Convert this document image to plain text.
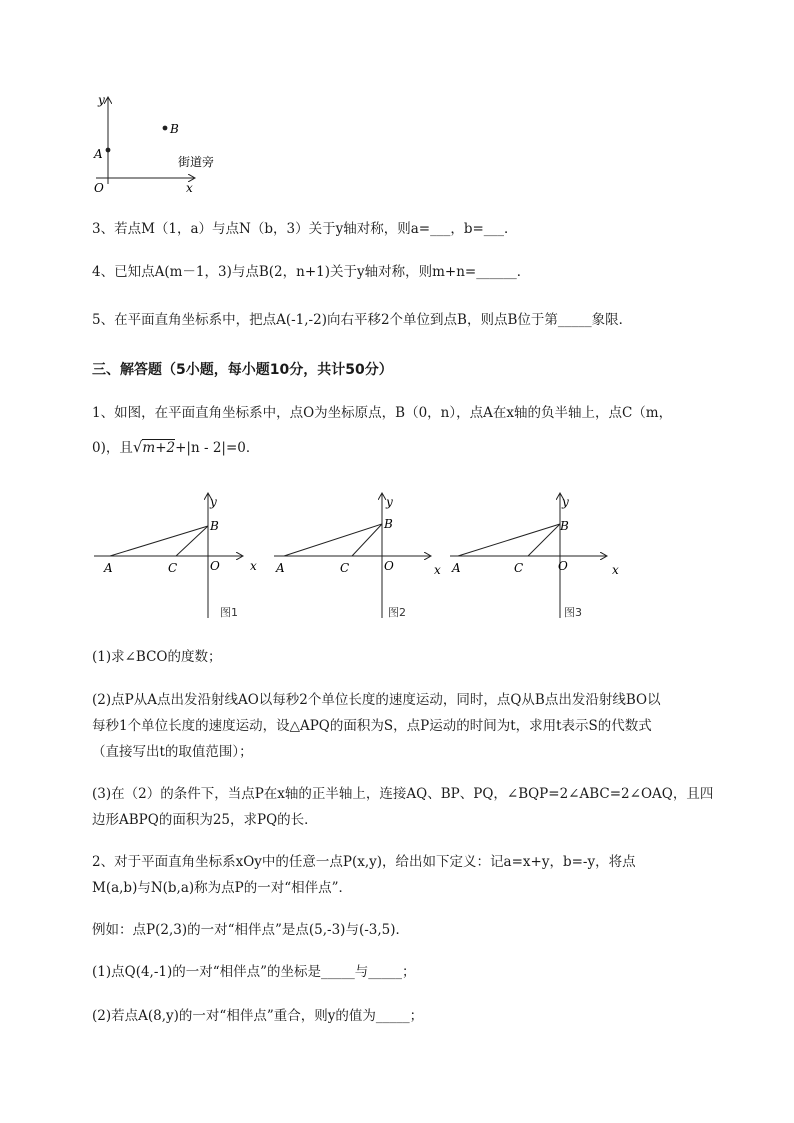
y
x
O
A
B
街道旁
3、若点M（1，a）与点N（b，3）关于y轴对称，则a=___，b=___．
4、已知点A(m－1，3)与点B(2，n+1)关于y轴对称，则m+n=______．
5、在平面直角坐标系中，把点A(-1,-2)向右平移2个单位到点B，则点B位于第_____象限．
三、解答题（5小题，每小题10分，共计50分）
1、如图，在平面直角坐标系中，点O为坐标原点，B（0，n），点A在x轴的负半轴上，点C（m，
0)，且√m+2+|n - 2|=0．
y
B
A	C	O	x
图1
y
B
A	C	O	x
图2
y
B
A	C	O	x
图3
(1)求∠BCO的度数；
(2)点P从A点出发沿射线AO以每秒2个单位长度的速度运动，同时，点Q从B点出发沿射线BO以
每秒1个单位长度的速度运动，设△APQ的面积为S，点P运动的时间为t，求用t表示S的代数式
（直接写出t的取值范围）；
(3)在（2）的条件下，当点P在x轴的正半轴上，连接AQ、BP、PQ，∠BQP=2∠ABC=2∠OAQ，且四
边形ABPQ的面积为25，求PQ的长．
2、对于平面直角坐标系xOy中的任意一点P(x,y)，给出如下定义：记a=x+y，b=-y，将点
M(a,b)与N(b,a)称为点P的一对“相伴点”．
例如：点P(2,3)的一对“相伴点”是点(5,-3)与(-3,5)．
(1)点Q(4,-1)的一对“相伴点”的坐标是_____与_____；
(2)若点A(8,y)的一对“相伴点”重合，则y的值为_____；
